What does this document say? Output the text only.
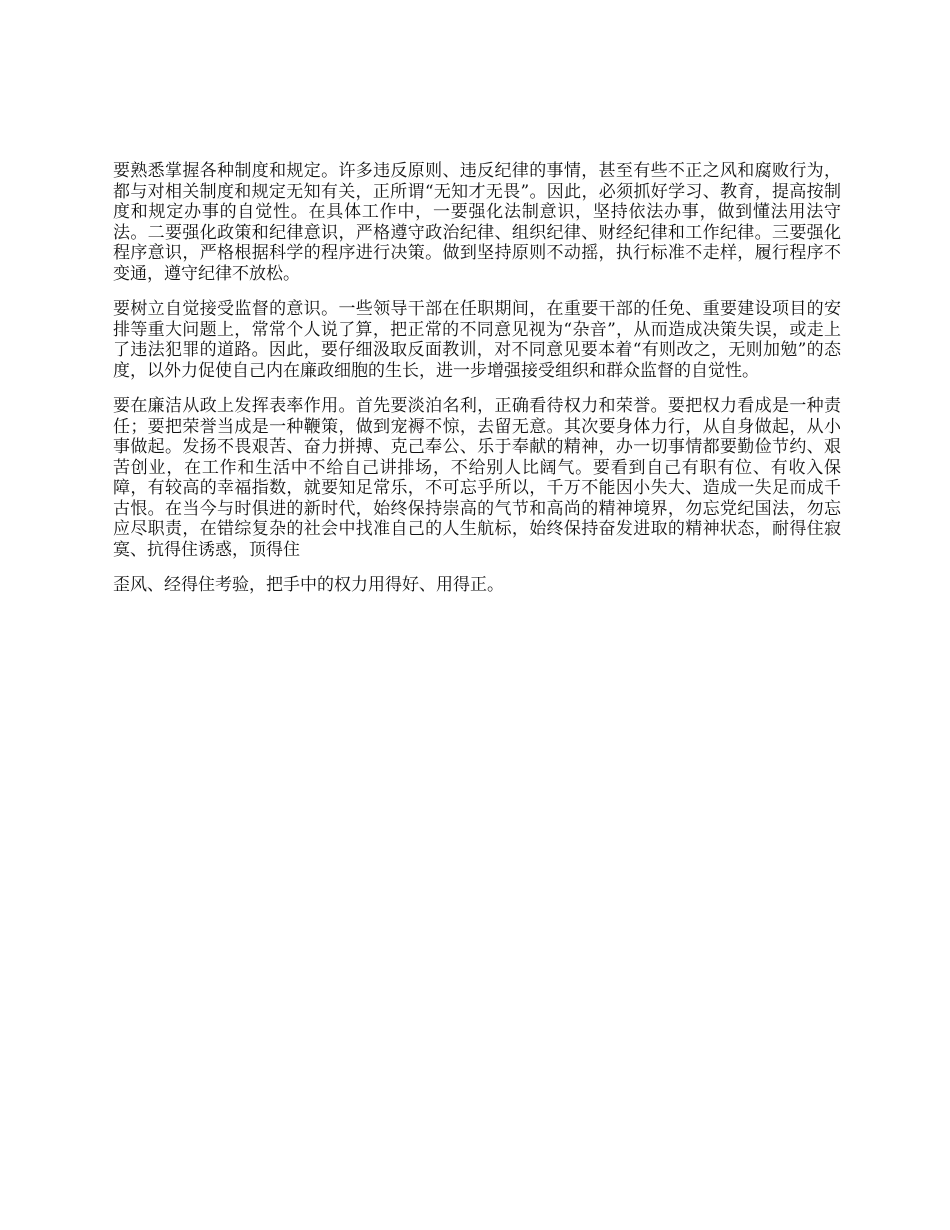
要熟悉掌握各种制度和规定。许多违反原则、违反纪律的事情，甚至有些不正之风和腐败行为，都与对相关制度和规定无知有关，正所谓“无知才无畏”。因此，必须抓好学习、教育，提高按制度和规定办事的自觉性。在具体工作中，一要强化法制意识，坚持依法办事，做到懂法用法守法。二要强化政策和纪律意识，严格遵守政治纪律、组织纪律、财经纪律和工作纪律。三要强化程序意识，严格根据科学的程序进行决策。做到坚持原则不动摇，执行标准不走样，履行程序不变通，遵守纪律不放松。

要树立自觉接受监督的意识。一些领导干部在任职期间，在重要干部的任免、重要建设项目的安排等重大问题上，常常个人说了算，把正常的不同意见视为“杂音”，从而造成决策失误，或走上了违法犯罪的道路。因此，要仔细汲取反面教训，对不同意见要本着“有则改之，无则加勉”的态度，以外力促使自己内在廉政细胞的生长，进一步增强接受组织和群众监督的自觉性。

要在廉洁从政上发挥表率作用。首先要淡泊名利，正确看待权力和荣誉。要把权力看成是一种责任；要把荣誉当成是一种鞭策，做到宠褥不惊，去留无意。其次要身体力行，从自身做起，从小事做起。发扬不畏艰苦、奋力拼搏、克己奉公、乐于奉献的精神，办一切事情都要勤俭节约、艰苦创业，在工作和生活中不给自己讲排场，不给别人比阔气。要看到自己有职有位、有收入保障，有较高的幸福指数，就要知足常乐，不可忘乎所以，千万不能因小失大、造成一失足而成千古恨。在当今与时俱进的新时代，始终保持崇高的气节和高尚的精神境界，勿忘党纪国法，勿忘应尽职责，在错综复杂的社会中找准自己的人生航标，始终保持奋发进取的精神状态，耐得住寂寞、抗得住诱惑，顶得住

歪风、经得住考验，把手中的权力用得好、用得正。
